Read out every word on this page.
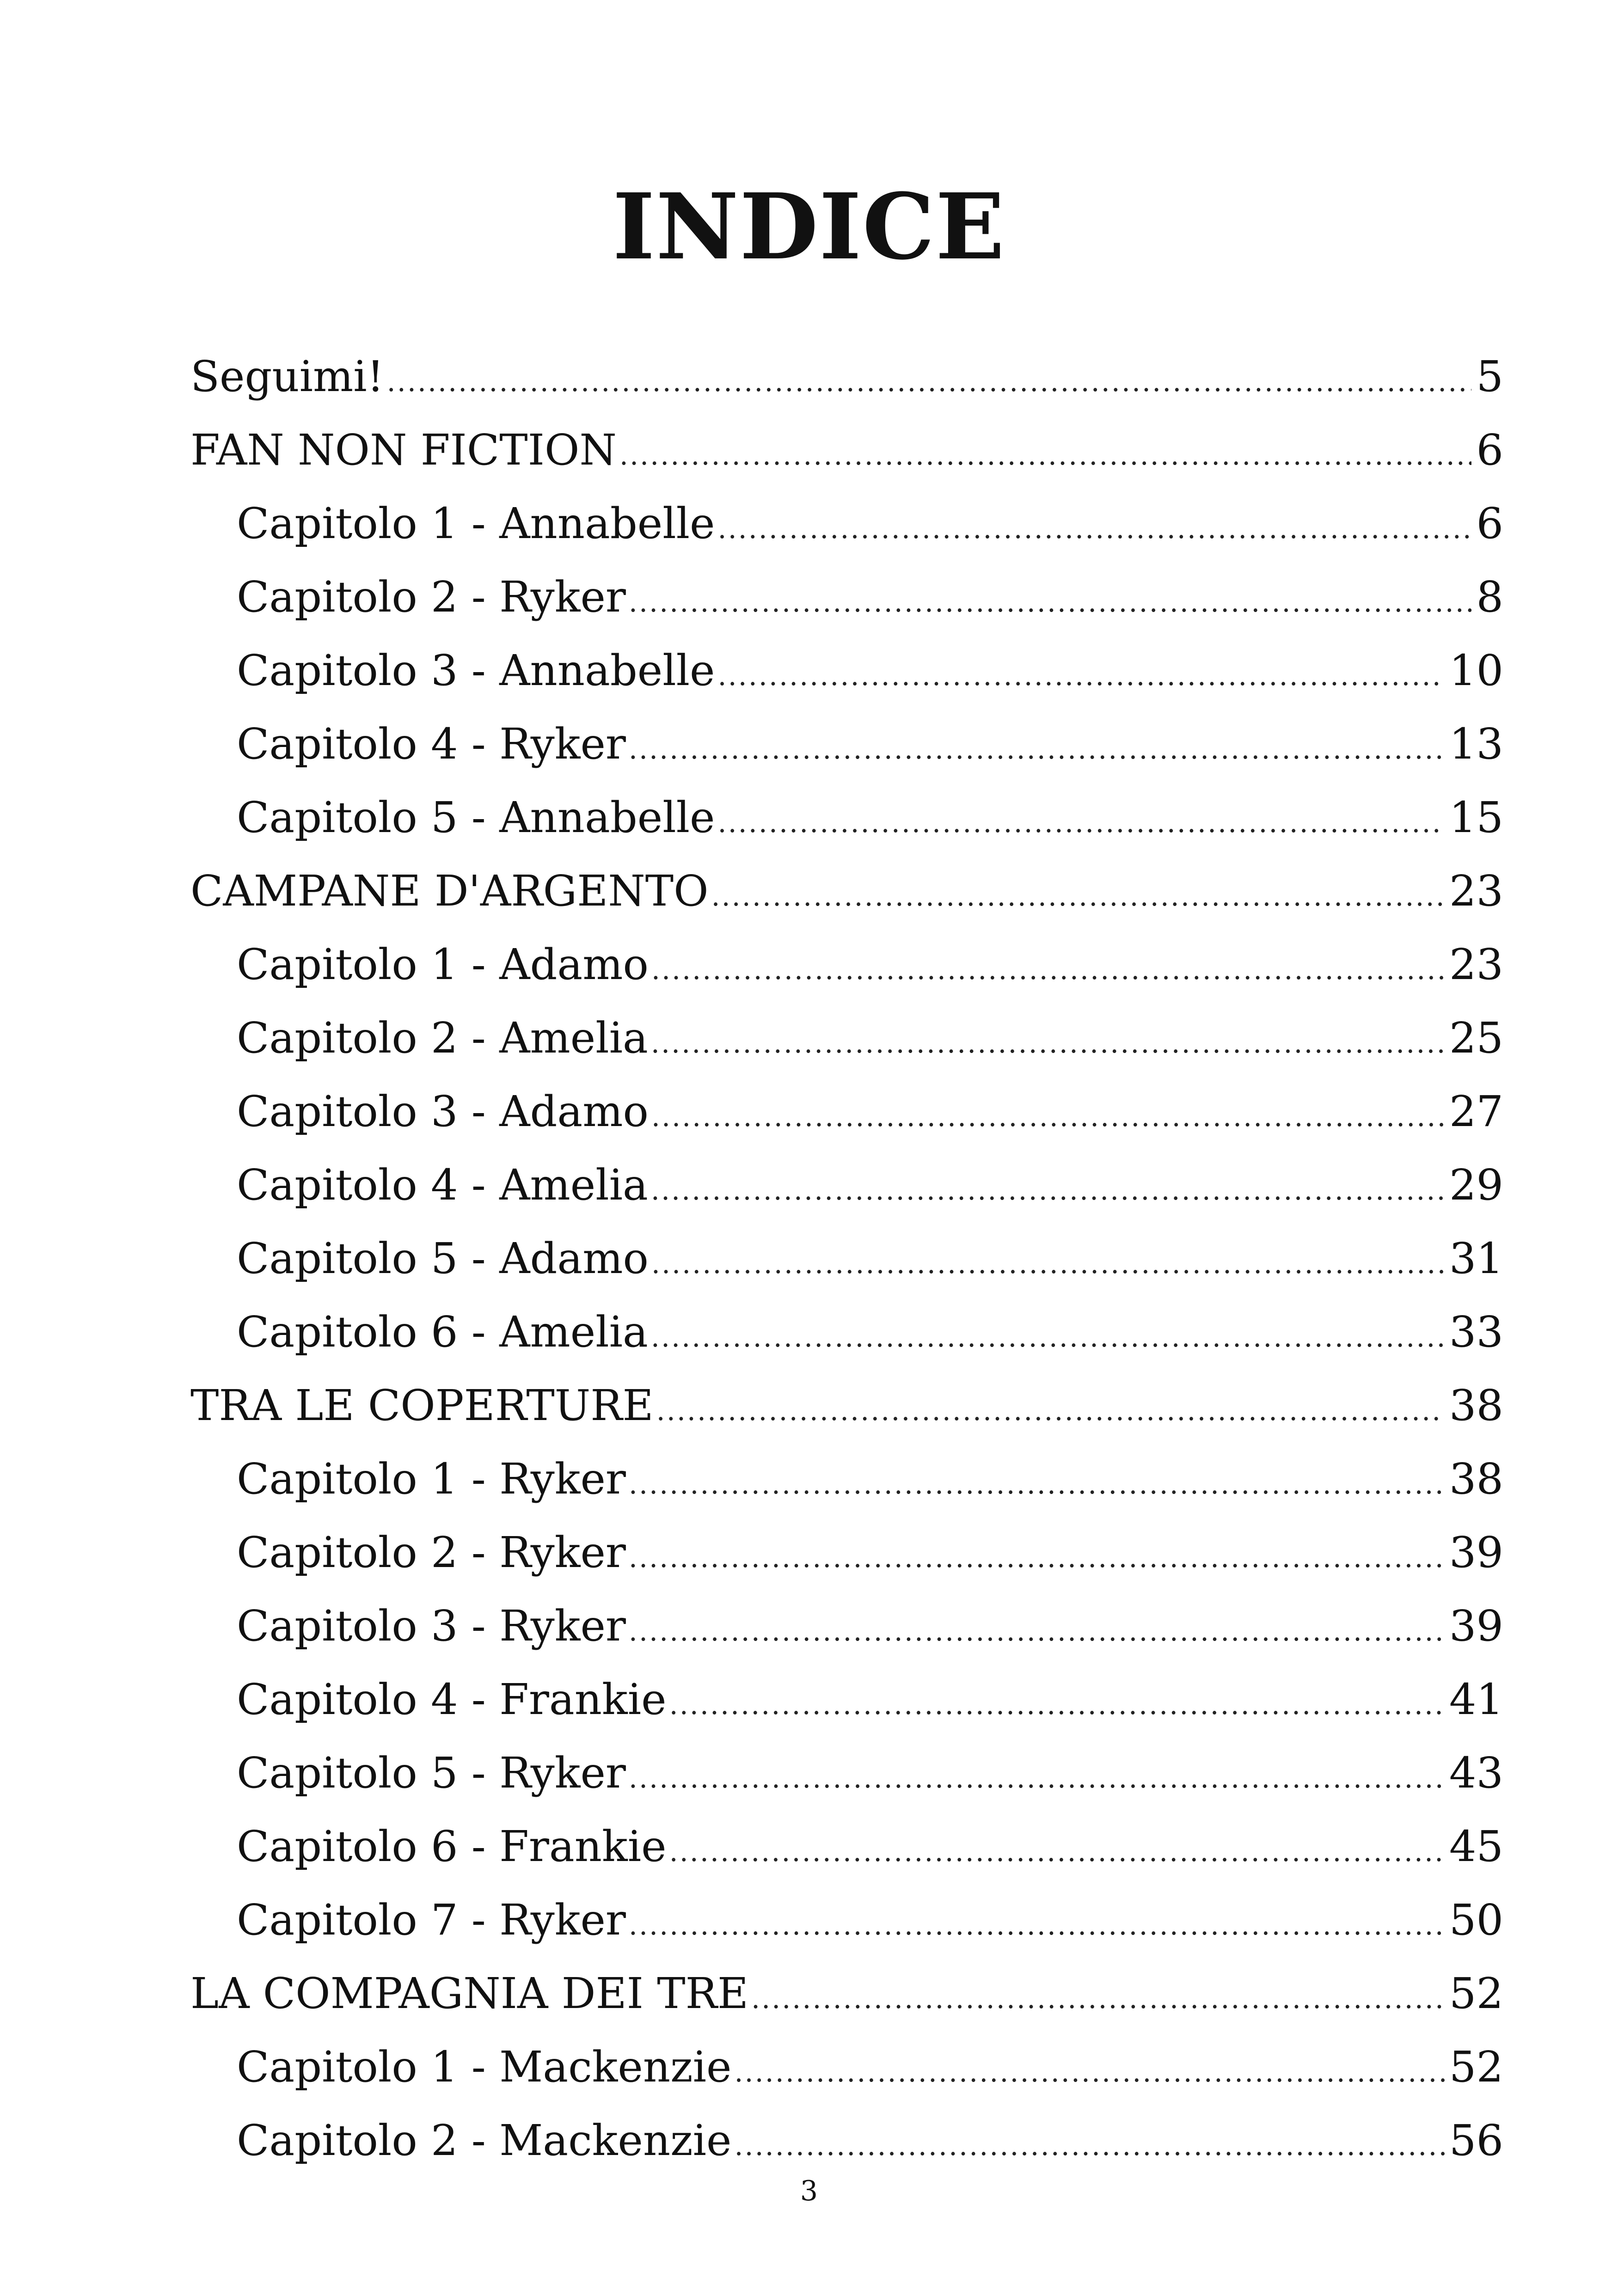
INDICE
Seguimi! .....	5
FAN NON FICTION .....	6
Capitolo 1 - Annabelle .....	6
Capitolo 2 - Ryker .....	8
Capitolo 3 - Annabelle .....	10
Capitolo 4 - Ryker .....	13
Capitolo 5 - Annabelle .....	15
CAMPANE D'ARGENTO .....	23
Capitolo 1 - Adamo .....	23
Capitolo 2 - Amelia .....	25
Capitolo 3 - Adamo .....	27
Capitolo 4 - Amelia .....	29
Capitolo 5 - Adamo .....	31
Capitolo 6 - Amelia .....	33
TRA LE COPERTURE .....	38
Capitolo 1 - Ryker .....	38
Capitolo 2 - Ryker .....	39
Capitolo 3 - Ryker .....	39
Capitolo 4 - Frankie .....	41
Capitolo 5 - Ryker .....	43
Capitolo 6 - Frankie .....	45
Capitolo 7 - Ryker .....	50
LA COMPAGNIA DEI TRE .....	52
Capitolo 1 - Mackenzie .....	52
Capitolo 2 - Mackenzie .....	56
3
